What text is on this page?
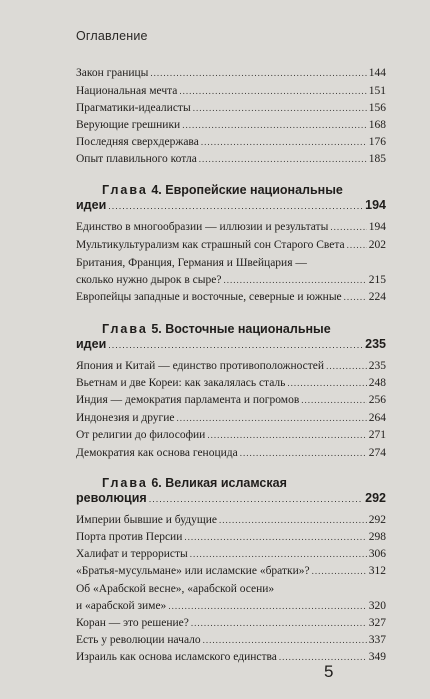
Оглавление
Закон границы .....	144
Национальная мечта .....	151
Прагматики-идеалисты .....	156
Верующие грешники .....	168
Последняя сверхдержава .....	176
Опыт плавильного котла .....	185
Глава 4. Европейские национальные
идеи .....	194
Единство в многообразии — иллюзии и результаты .....	194
Мультикультурализм как страшный сон Старого Света ..... 202
Британия, Франция, Германия и Швейцария —
сколько нужно дырок в сыре? .....	215
Европейцы западные и восточные, северные и южные ..... 224
Глава 5. Восточные национальные
идеи .....	235
Япония и Китай — единство противоположностей .....	235
Вьетнам и две Кореи: как закалялась сталь .....	248
Индия — демократия парламента и погромов .....	256
Индонезия и другие .....	264
От религии до философии .....	271
Демократия как основа геноцида .....	274
Глава 6. Великая исламская
революция .....	292
Империи бывшие и будущие .....	292
Порта против Персии .....	298
Халифат и террористы .....	306
«Братья-мусульмане» или исламские «братки»? .....	312
Об «Арабской весне», «арабской осени»
и «арабской зиме» .....	320
Коран — это решение? .....	327
Есть у революции начало .....	337
Израиль как основа исламского единства .....	349
5
